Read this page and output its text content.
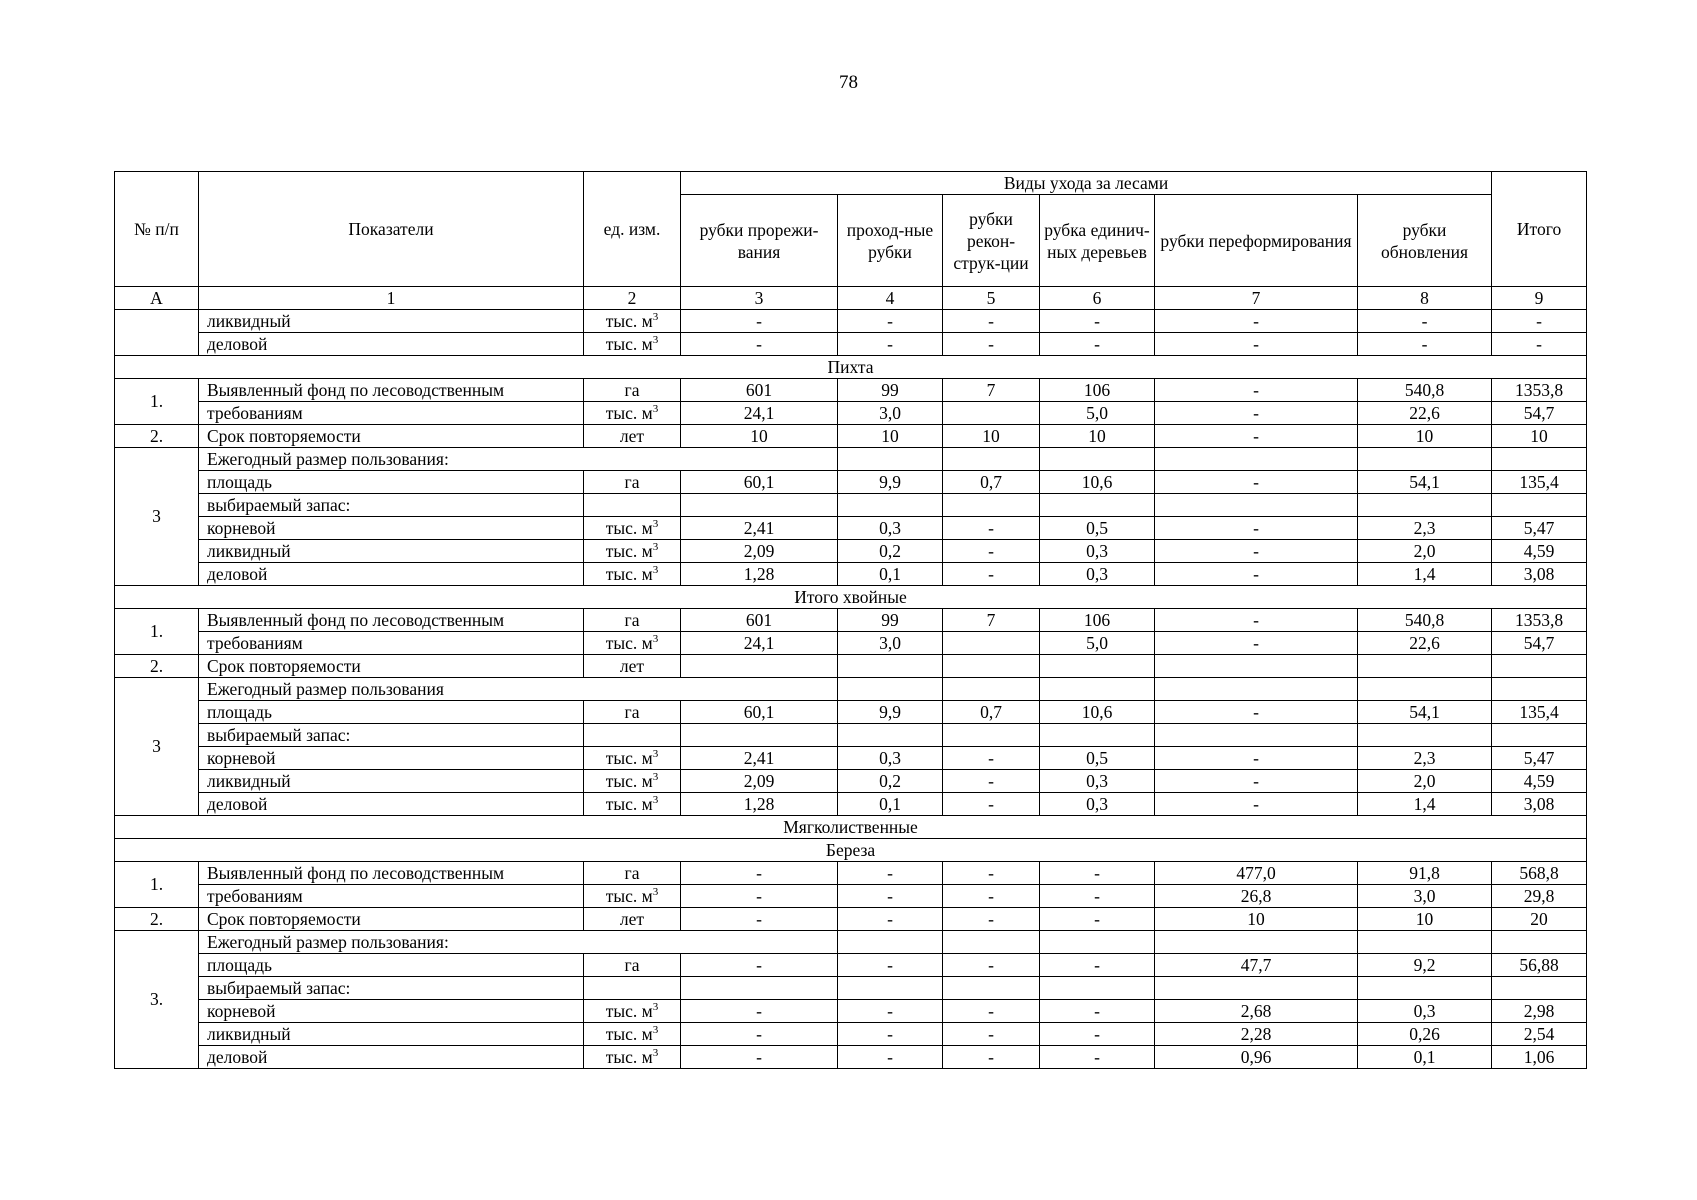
78
№ п/п	Показатели	ед. изм.	Виды ухода за лесами						Итого
			рубки прорежи-вания	проход-ные рубки	рубки рекон-струк-ции	рубка единич-ных деревьев	рубки переформирования	рубки обновления	
А	1	2	3	4	5	6	7	8	9
	ликвидный	тыс. $м^3$	-	-	-	-	-	-	-
	деловой	тыс. $м^3$	-	-	-	-	-	-	-
Пихта									
1.	Выявленный фонд по лесоводственным	га	601	99	7	106	-	540,8	1353,8
	требованиям	тыс. $м^3$	24,1	3,0		5,0	-	22,6	54,7
2.	Срок повторяемости	лет	10	10	10	10	-	10	10
3	Ежегодный размер пользования:								
	площадь	га	60,1	9,9	0,7	10,6	-	54,1	135,4
	выбираемый запас:								
	корневой	тыс. $м^3$	2,41	0,3	-	0,5	-	2,3	5,47
	ликвидный	тыс. $м^3$	2,09	0,2	-	0,3	-	2,0	4,59
	деловой	тыс. $м^3$	1,28	0,1	-	0,3	-	1,4	3,08
Итого хвойные									
1.	Выявленный фонд по лесоводственным	га	601	99	7	106	-	540,8	1353,8
	требованиям	тыс. $м^3$	24,1	3,0		5,0	-	22,6	54,7
2.	Срок повторяемости	лет							
3	Ежегодный размер пользования								
	площадь	га	60,1	9,9	0,7	10,6	-	54,1	135,4
	выбираемый запас:								
	корневой	тыс. $м^3$	2,41	0,3	-	0,5	-	2,3	5,47
	ликвидный	тыс. $м^3$	2,09	0,2	-	0,3	-	2,0	4,59
	деловой	тыс. $м^3$	1,28	0,1	-	0,3	-	1,4	3,08
Мягколиственные									
Береза									
1.	Выявленный фонд по лесоводственным	га	-	-	-	-	477,0	91,8	568,8
	требованиям	тыс. $м^3$	-	-	-	-	26,8	3,0	29,8
2.	Срок повторяемости	лет	-	-	-	-	10	10	20
3.	Ежегодный размер пользования:								
	площадь	га	-	-	-	-	47,7	9,2	56,88
	выбираемый запас:								
	корневой	тыс. $м^3$	-	-	-	-	2,68	0,3	2,98
	ликвидный	тыс. $м^3$	-	-	-	-	2,28	0,26	2,54
	деловой	тыс. $м^3$	-	-	-	-	0,96	0,1	1,06
